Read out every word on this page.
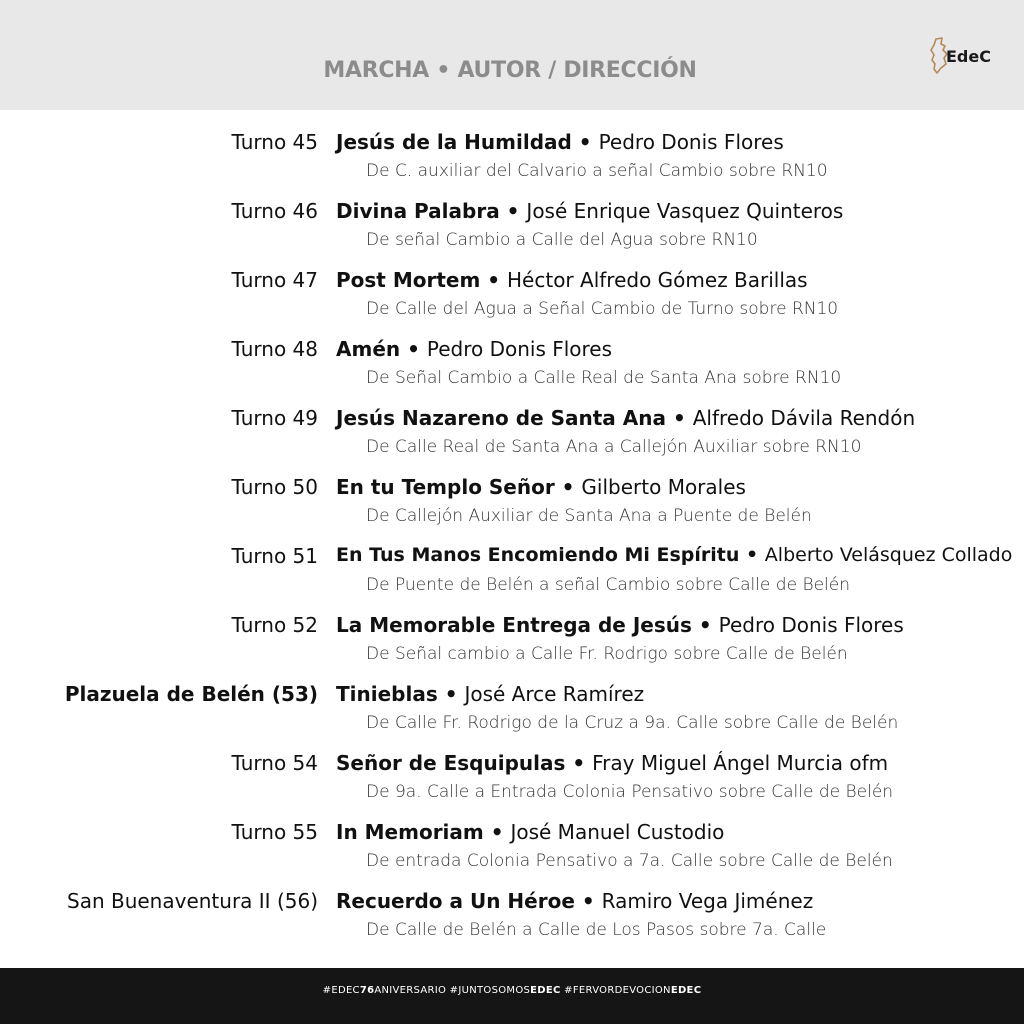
MARCHA • AUTOR / DIRECCIÓN
EdeC
Turno 45 Jesús de la Humildad • Pedro Donis Flores
De C. auxiliar del Calvario a señal Cambio sobre RN10
Turno 46 Divina Palabra • José Enrique Vasquez Quinteros
De señal Cambio a Calle del Agua sobre RN10
Turno 47 Post Mortem • Héctor Alfredo Gómez Barillas
De Calle del Agua a Señal Cambio de Turno sobre RN10
Turno 48 Amén • Pedro Donis Flores
De Señal Cambio a Calle Real de Santa Ana sobre RN10
Turno 49 Jesús Nazareno de Santa Ana • Alfredo Dávila Rendón
De Calle Real de Santa Ana a Callejón Auxiliar sobre RN10
Turno 50 En tu Templo Señor • Gilberto Morales
De Callejón Auxiliar de Santa Ana a Puente de Belén
Turno 51 En Tus Manos Encomiendo Mi Espíritu • Alberto Velásquez Collado
De Puente de Belén a señal Cambio sobre Calle de Belén
Turno 52 La Memorable Entrega de Jesús • Pedro Donis Flores
De Señal cambio a Calle Fr. Rodrigo sobre Calle de Belén
Plazuela de Belén (53) Tinieblas • José Arce Ramírez
De Calle Fr. Rodrigo de la Cruz a 9a. Calle sobre Calle de Belén
Turno 54 Señor de Esquipulas • Fray Miguel Ángel Murcia ofm
De 9a. Calle a Entrada Colonia Pensativo sobre Calle de Belén
Turno 55 In Memoriam • José Manuel Custodio
De entrada Colonia Pensativo a 7a. Calle sobre Calle de Belén
San Buenaventura II (56) Recuerdo a Un Héroe • Ramiro Vega Jiménez
De Calle de Belén a Calle de Los Pasos sobre 7a. Calle
#EDEC76ANIVERSARIO #JUNTOSOMOSEDEC #FERVORDEVOCIONEDEC
